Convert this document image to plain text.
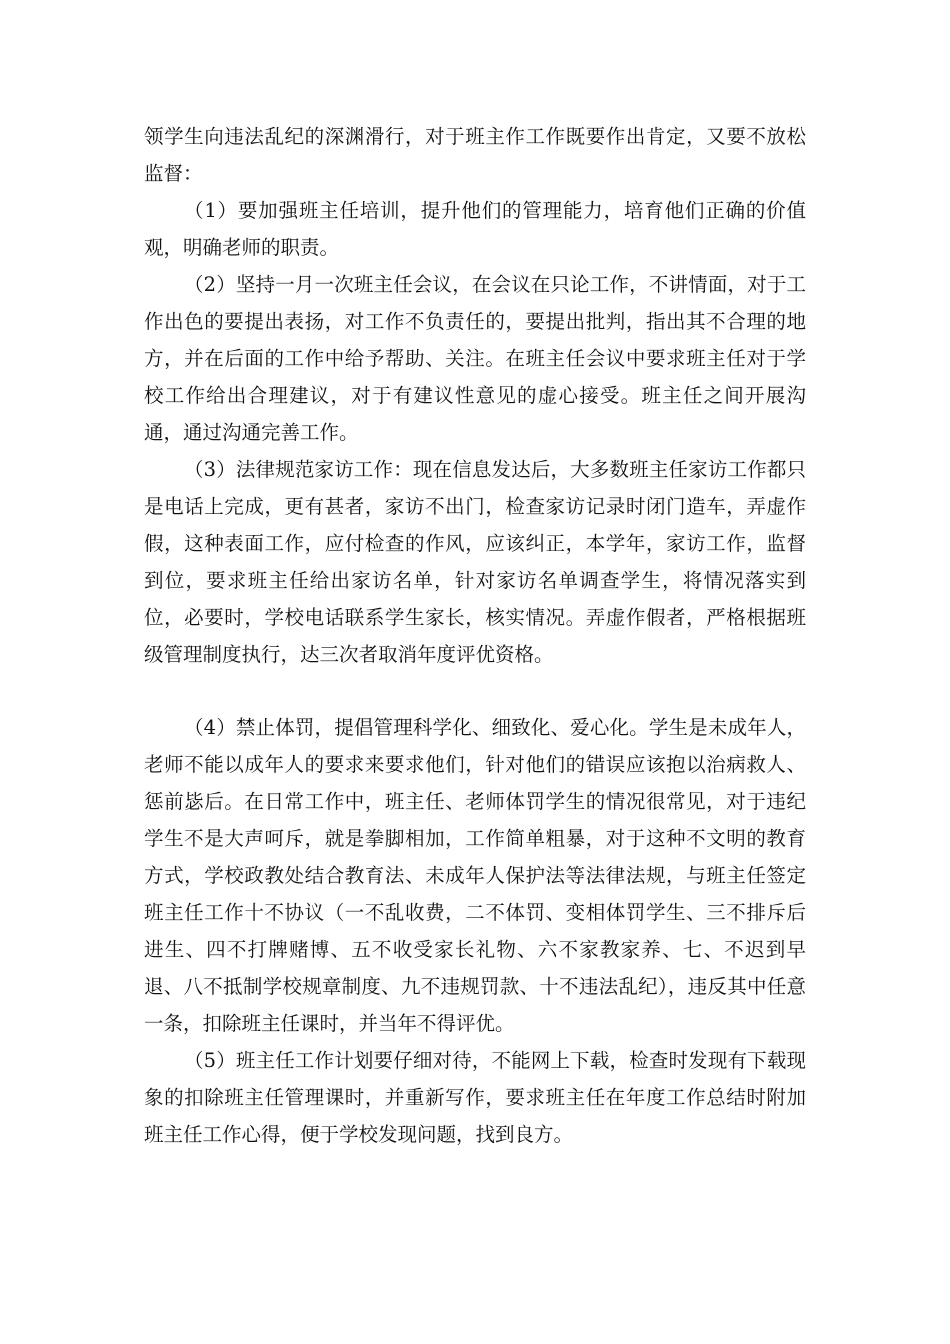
领学生向违法乱纪的深渊滑行，对于班主作工作既要作出肯定，又要不放松监督：

（1）要加强班主任培训，提升他们的管理能力，培育他们正确的价值观，明确老师的职责。

（2）坚持一月一次班主任会议，在会议在只论工作，不讲情面，对于工作出色的要提出表扬，对工作不负责任的，要提出批判，指出其不合理的地方，并在后面的工作中给予帮助、关注。在班主任会议中要求班主任对于学校工作给出合理建议，对于有建议性意见的虚心接受。班主任之间开展沟通，通过沟通完善工作。

（3）法律规范家访工作：现在信息发达后，大多数班主任家访工作都只是电话上完成，更有甚者，家访不出门，检查家访记录时闭门造车，弄虚作假，这种表面工作，应付检查的作风，应该纠正，本学年，家访工作，监督到位，要求班主任给出家访名单，针对家访名单调查学生，将情况落实到位，必要时，学校电话联系学生家长，核实情况。弄虚作假者，严格根据班级管理制度执行，达三次者取消年度评优资格。

（4）禁止体罚，提倡管理科学化、细致化、爱心化。学生是未成年人，老师不能以成年人的要求来要求他们，针对他们的错误应该抱以治病救人、惩前毖后。在日常工作中，班主任、老师体罚学生的情况很常见，对于违纪学生不是大声呵斥，就是拳脚相加，工作简单粗暴，对于这种不文明的教育方式，学校政教处结合教育法、未成年人保护法等法律法规，与班主任签定班主任工作十不协议（一不乱收费，二不体罚、变相体罚学生、三不排斥后进生、四不打牌赌博、五不收受家长礼物、六不家教家养、七、不迟到早退、八不抵制学校规章制度、九不违规罚款、十不违法乱纪），违反其中任意一条，扣除班主任课时，并当年不得评优。

（5）班主任工作计划要仔细对待，不能网上下载，检查时发现有下载现象的扣除班主任管理课时，并重新写作，要求班主任在年度工作总结时附加班主任工作心得，便于学校发现问题，找到良方。
